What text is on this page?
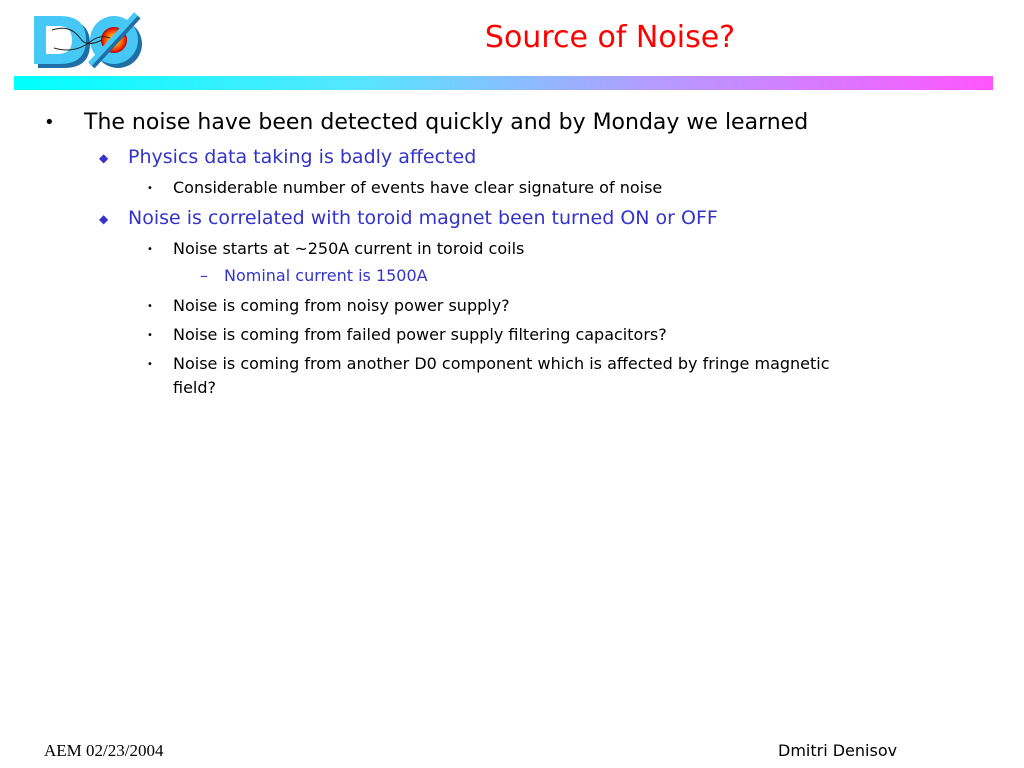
Source of Noise?
• The noise have been detected quickly and by Monday we learned
◆ Physics data taking is badly affected
• Considerable number of events have clear signature of noise
◆ Noise is correlated with toroid magnet been turned ON or OFF
• Noise starts at ~250A current in toroid coils
– Nominal current is 1500A
• Noise is coming from noisy power supply?
• Noise is coming from failed power supply filtering capacitors?
• Noise is coming from another D0 component which is affected by fringe magnetic
field?
AEM 02/23/2004	Dmitri Denisov
